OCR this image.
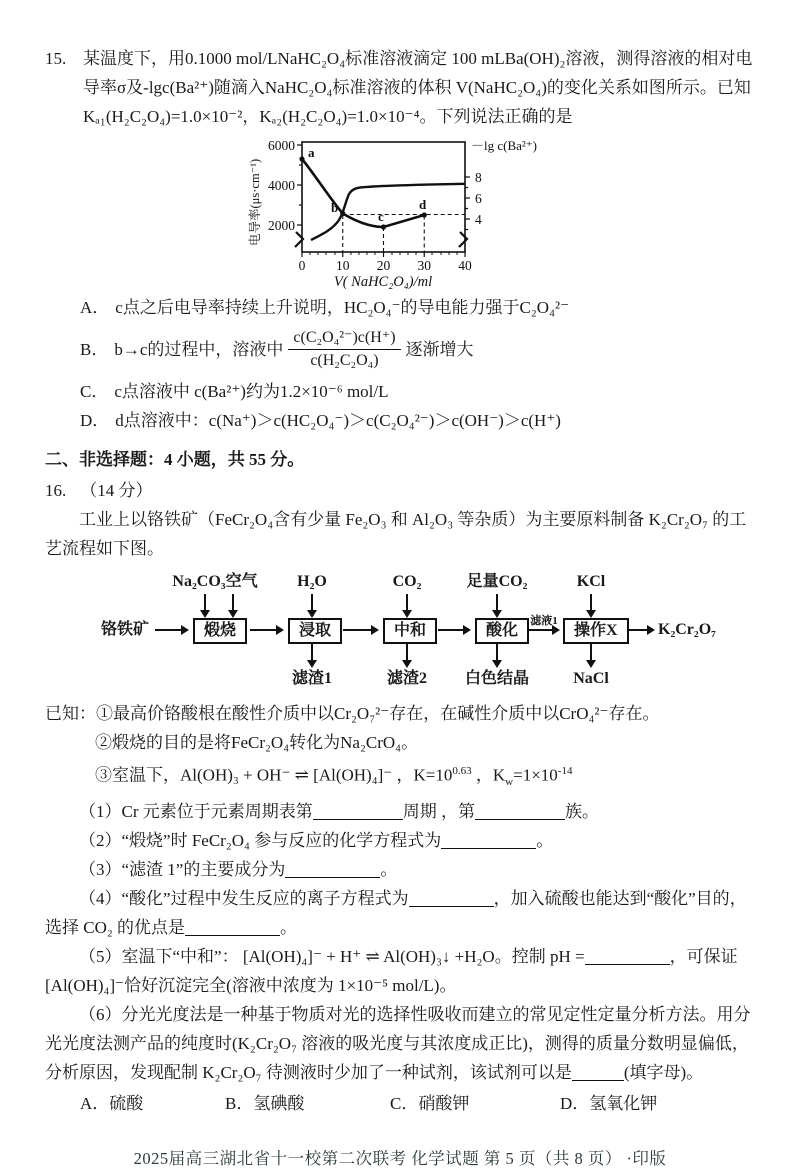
15. 某温度下，用0.1000 mol/LNaHC₂O₄标准溶液滴定 100 mLBa(OH)₂溶液，测得溶液的相对电导率σ及-lgc(Ba²⁺)随滴入NaHC₂O₄标准溶液的体积 V(NaHC₂O₄)的变化关系如图所示。已知Kₐ₁(H₂C₂O₄)=1.0×10⁻²，Kₐ₂(H₂C₂O₄)=1.0×10⁻⁴。下列说法正确的是

a
b
c
d
6000
4000
2000
8
6
4
0 10 20 30 40
电导率(μs·cm⁻¹)
－lg c(Ba²⁺)
V( NaHC₂O₄)/ml
A． c点之后电导率持续上升说明，HC₂O₄⁻的导电能力强于C₂O₄²⁻
B． b→c的过程中，溶液中 $\frac{\text{c(C₂O₄²⁻)c(H⁺)}}{\text{c(H₂C₂O₄)}}$ 逐渐增大
C． c点溶液中 c(Ba²⁺)约为1.2×10⁻⁶ mol/L
D． d点溶液中：c(Na⁺)＞c(HC₂O₄⁻)＞c(C₂O₄²⁻)＞c(OH⁻)＞c(H⁺)

二、非选择题：4 小题，共 55 分。

16. （14 分）

工业上以铬铁矿（FeCr₂O₄含有少量 Fe₂O₃ 和 Al₂O₃ 等杂质）为主要原料制备 K₂Cr₂O₇ 的工艺流程如下图。

Na₂CO₃空气 H₂O	CO₂	足量CO₂	KCl
铬铁矿	煅烧	浸取	中和	酸化
滤液1
操作X	K₂Cr₂O₇
滤渣1	滤渣2 白色结晶	NaCl

已知：①最高价铬酸根在酸性介质中以Cr₂O₇²⁻存在，在碱性介质中以CrO₄²⁻存在。

②煅烧的目的是将FeCr₂O₄转化为Na₂CrO₄。

③室温下，Al(OH)₃ + OH⁻ ⇌ [Al(OH)₄]⁻ ，$K=10^{0.63}$ ，$K_w=1\times 10^{-14}$

（1）Cr 元素位于元素周期表第	周期 ，第	族。

（2）“煅烧”时 FeCr₂O₄ 参与反应的化学方程式为	。

（3）“滤渣 1”的主要成分为	。

（4）“酸化”过程中发生反应的离子方程式为	，加入硫酸也能达到“酸化”目的，选择 CO₂ 的优点是	。

（5）室温下“中和”： [Al(OH)₄]⁻ + H⁺ ⇌ Al(OH)₃↓ +H₂O。控制 pH =	，可保证[Al(OH)₄]⁻恰好沉淀完全(溶液中浓度为 1×10⁻⁵ mol/L)。

（6）分光光度法是一种基于物质对光的选择性吸收而建立的常见定性定量分析方法。用分光光度法测产品的纯度时(K₂Cr₂O₇ 溶液的吸光度与其浓度成正比)，测得的质量分数明显偏低，分析原因，发现配制 K₂Cr₂O₇ 待测液时少加了一种试剂，该试剂可以是	(填字母)。

A．硫酸	B．氢碘酸	C．硝酸钾	D．氢氧化钾
2025届高三湖北省十一校第二次联考 化学试题 第 5 页（共 8 页） ·印版
